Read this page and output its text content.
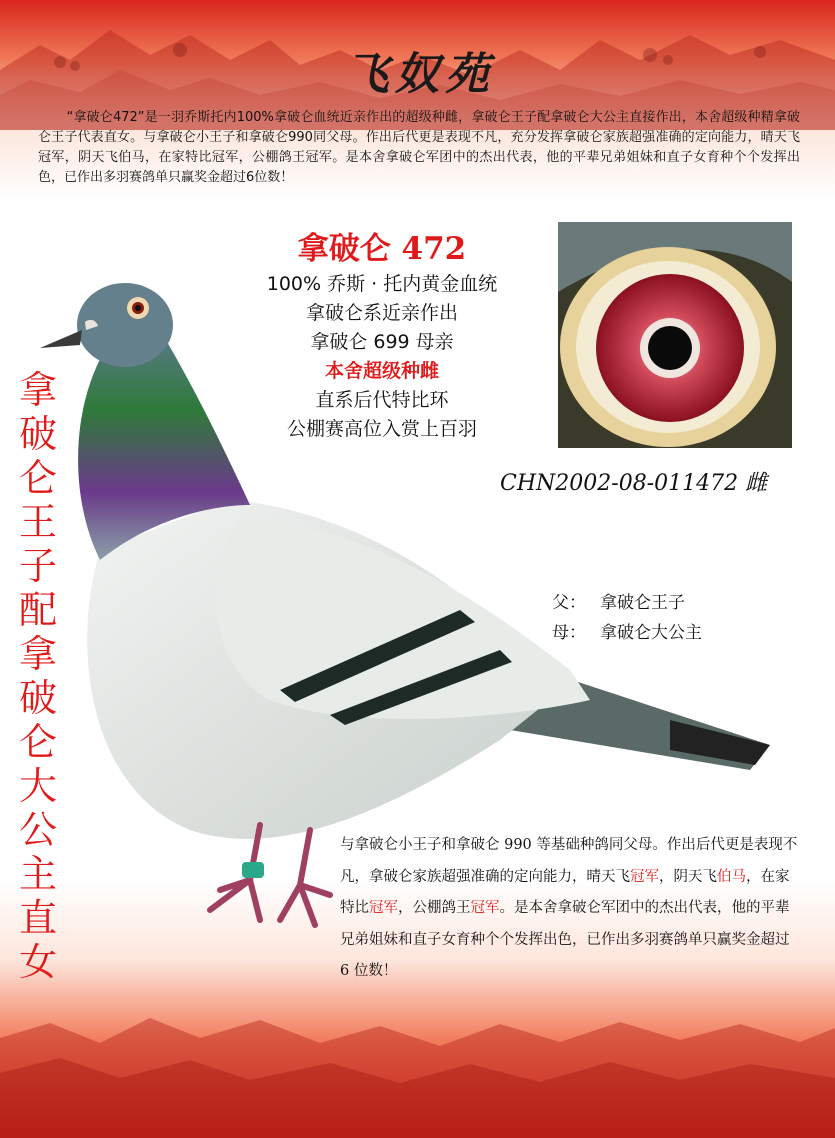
飞奴苑
“拿破仑472”是一羽乔斯托内100%拿破仑血统近亲作出的超级种雌，拿破仑王子配拿破仑大公主直接作出，本舍超级种精拿破仑王子代表直女。与拿破仑小王子和拿破仑990同父母。作出后代更是表现不凡，充分发挥拿破仑家族超强准确的定向能力，晴天飞冠军，阴天飞伯马，在家特比冠军，公棚鸽王冠军。是本舍拿破仑军团中的杰出代表，他的平辈兄弟姐妹和直子女育种个个发挥出色，已作出多羽赛鸽单只赢奖金超过6位数！
拿破仑 472
100% 乔斯 · 托内黄金血统
拿破仑系近亲作出
拿破仑 699 母亲
本舍超级种雌
直系后代特比环
公棚赛高位入赏上百羽
CHN2002-08-011472 雌
父： 拿破仑王子
母： 拿破仑大公主
拿
破
仑
王
子
配
拿
破
仑
大
公
主
直
女
与拿破仑小王子和拿破仑 990 等基础种鸽同父母。作出后代更是表现不凡，拿破仑家族超强准确的定向能力，晴天飞冠军，阴天飞伯马，在家特比冠军，公棚鸽王冠军。是本舍拿破仑军团中的杰出代表，他的平辈兄弟姐妹和直子女育种个个发挥出色，已作出多羽赛鸽单只赢奖金超过 6 位数！
